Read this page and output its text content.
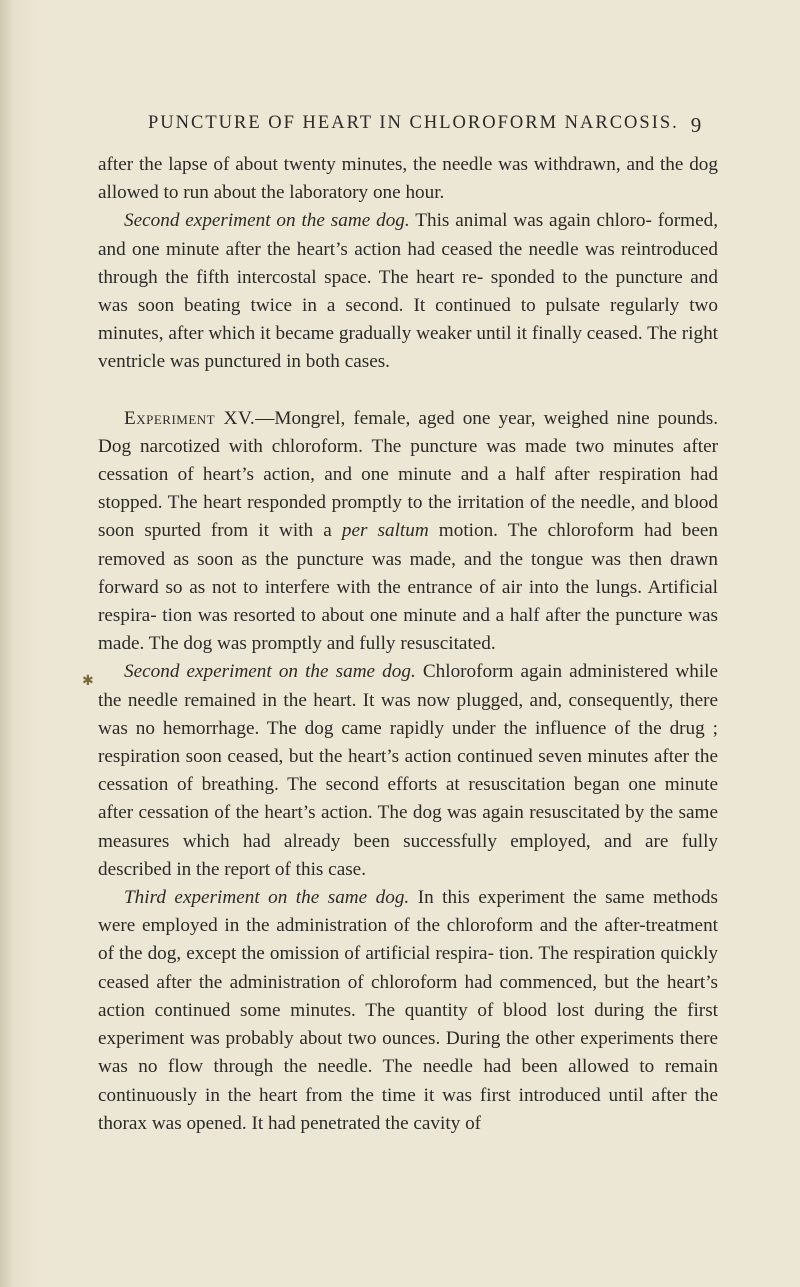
PUNCTURE OF HEART IN CHLOROFORM NARCOSIS. 9
✱

after the lapse of about twenty minutes, the needle was withdrawn, and the dog allowed to run about the laboratory one hour.

Second experiment on the same dog. This animal was again chloro- formed, and one minute after the heart’s action had ceased the needle was reintroduced through the fifth intercostal space. The heart re- sponded to the puncture and was soon beating twice in a second. It continued to pulsate regularly two minutes, after which it became gradually weaker until it finally ceased. The right ventricle was punctured in both cases.

Experiment XV.—Mongrel, female, aged one year, weighed nine pounds. Dog narcotized with chloroform. The puncture was made two minutes after cessation of heart’s action, and one minute and a half after respiration had stopped. The heart responded promptly to the irritation of the needle, and blood soon spurted from it with a per saltum motion. The chloroform had been removed as soon as the puncture was made, and the tongue was then drawn forward so as not to interfere with the entrance of air into the lungs. Artificial respira- tion was resorted to about one minute and a half after the puncture was made. The dog was promptly and fully resuscitated.

Second experiment on the same dog. Chloroform again administered while the needle remained in the heart. It was now plugged, and, consequently, there was no hemorrhage. The dog came rapidly under the influence of the drug ; respiration soon ceased, but the heart’s action continued seven minutes after the cessation of breathing. The second efforts at resuscitation began one minute after cessation of the heart’s action. The dog was again resuscitated by the same measures which had already been successfully employed, and are fully described in the report of this case.

Third experiment on the same dog. In this experiment the same methods were employed in the administration of the chloroform and the after-treatment of the dog, except the omission of artificial respira- tion. The respiration quickly ceased after the administration of chloroform had commenced, but the heart’s action continued some minutes. The quantity of blood lost during the first experiment was probably about two ounces. During the other experiments there was no flow through the needle. The needle had been allowed to remain continuously in the heart from the time it was first introduced until after the thorax was opened. It had penetrated the cavity of
